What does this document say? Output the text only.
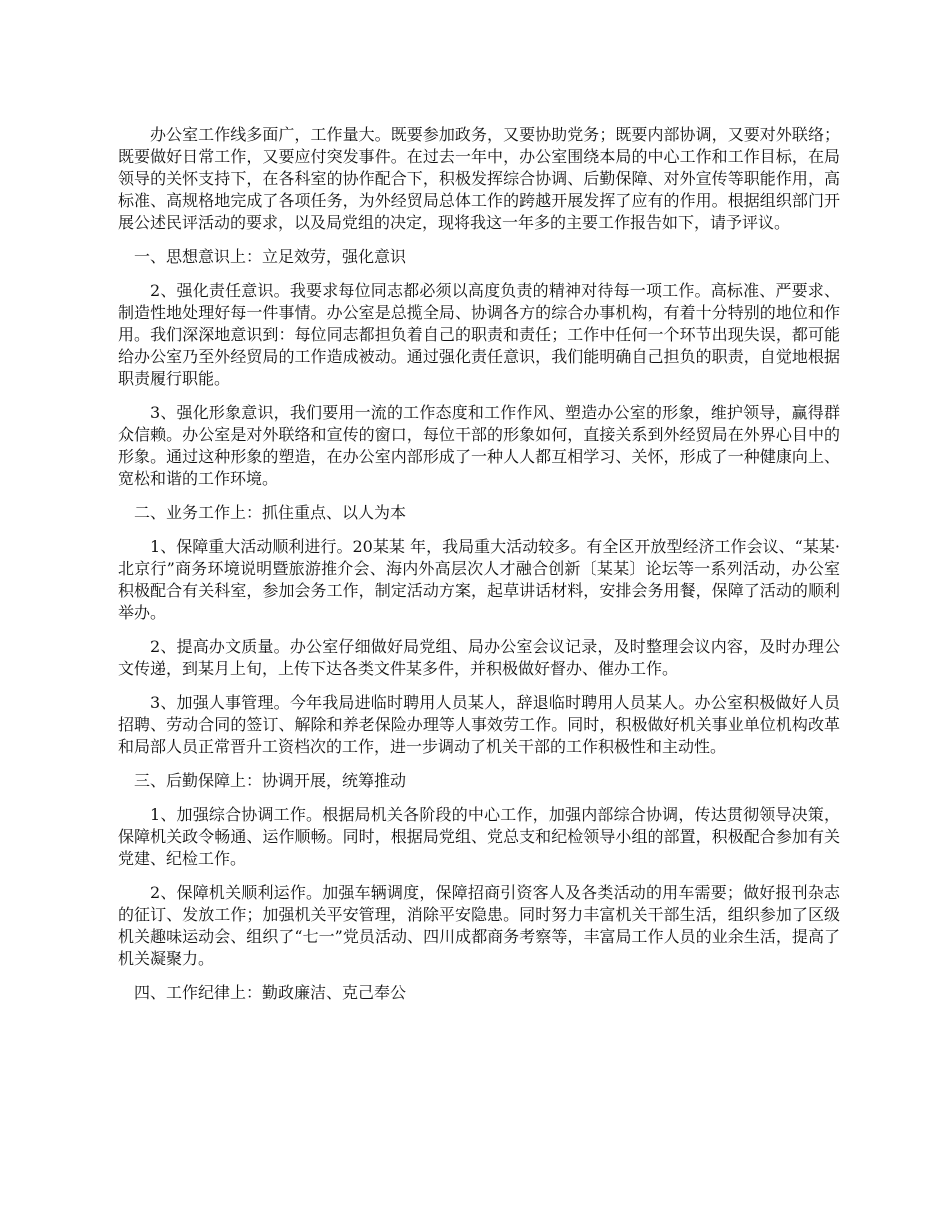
办公室工作线多面广，工作量大。既要参加政务，又要协助党务；既要内部协调，又要对外联络；既要做好日常工作，又要应付突发事件。在过去一年中，办公室围绕本局的中心工作和工作目标，在局领导的关怀支持下，在各科室的协作配合下，积极发挥综合协调、后勤保障、对外宣传等职能作用，高标准、高规格地完成了各项任务，为外经贸局总体工作的跨越开展发挥了应有的作用。根据组织部门开展公述民评活动的要求，以及局党组的决定，现将我这一年多的主要工作报告如下，请予评议。

一、思想意识上：立足效劳，强化意识

2、强化责任意识。我要求每位同志都必须以高度负责的精神对待每一项工作。高标准、严要求、制造性地处理好每一件事情。办公室是总揽全局、协调各方的综合办事机构，有着十分特别的地位和作用。我们深深地意识到：每位同志都担负着自己的职责和责任；工作中任何一个环节出现失误，都可能给办公室乃至外经贸局的工作造成被动。通过强化责任意识，我们能明确自己担负的职责，自觉地根据职责履行职能。

3、强化形象意识，我们要用一流的工作态度和工作作风、塑造办公室的形象，维护领导，赢得群众信赖。办公室是对外联络和宣传的窗口，每位干部的形象如何，直接关系到外经贸局在外界心目中的形象。通过这种形象的塑造，在办公室内部形成了一种人人都互相学习、关怀，形成了一种健康向上、宽松和谐的工作环境。

二、业务工作上：抓住重点、以人为本

1、保障重大活动顺利进行。20某某 年，我局重大活动较多。有全区开放型经济工作会议、“某某·北京行”商务环境说明暨旅游推介会、海内外高层次人才融合创新〔某某〕论坛等一系列活动，办公室积极配合有关科室，参加会务工作，制定活动方案，起草讲话材料，安排会务用餐，保障了活动的顺利举办。

2、提高办文质量。办公室仔细做好局党组、局办公室会议记录，及时整理会议内容，及时办理公文传递，到某月上旬，上传下达各类文件某多件，并积极做好督办、催办工作。

3、加强人事管理。今年我局进临时聘用人员某人，辞退临时聘用人员某人。办公室积极做好人员招聘、劳动合同的签订、解除和养老保险办理等人事效劳工作。同时，积极做好机关事业单位机构改革和局部人员正常晋升工资档次的工作，进一步调动了机关干部的工作积极性和主动性。

三、后勤保障上：协调开展，统筹推动

1、加强综合协调工作。根据局机关各阶段的中心工作，加强内部综合协调，传达贯彻领导决策，保障机关政令畅通、运作顺畅。同时，根据局党组、党总支和纪检领导小组的部置，积极配合参加有关党建、纪检工作。

2、保障机关顺利运作。加强车辆调度，保障招商引资客人及各类活动的用车需要；做好报刊杂志的征订、发放工作；加强机关平安管理，消除平安隐患。同时努力丰富机关干部生活，组织参加了区级机关趣味运动会、组织了“七一”党员活动、四川成都商务考察等，丰富局工作人员的业余生活，提高了机关凝聚力。

四、工作纪律上：勤政廉洁、克己奉公
